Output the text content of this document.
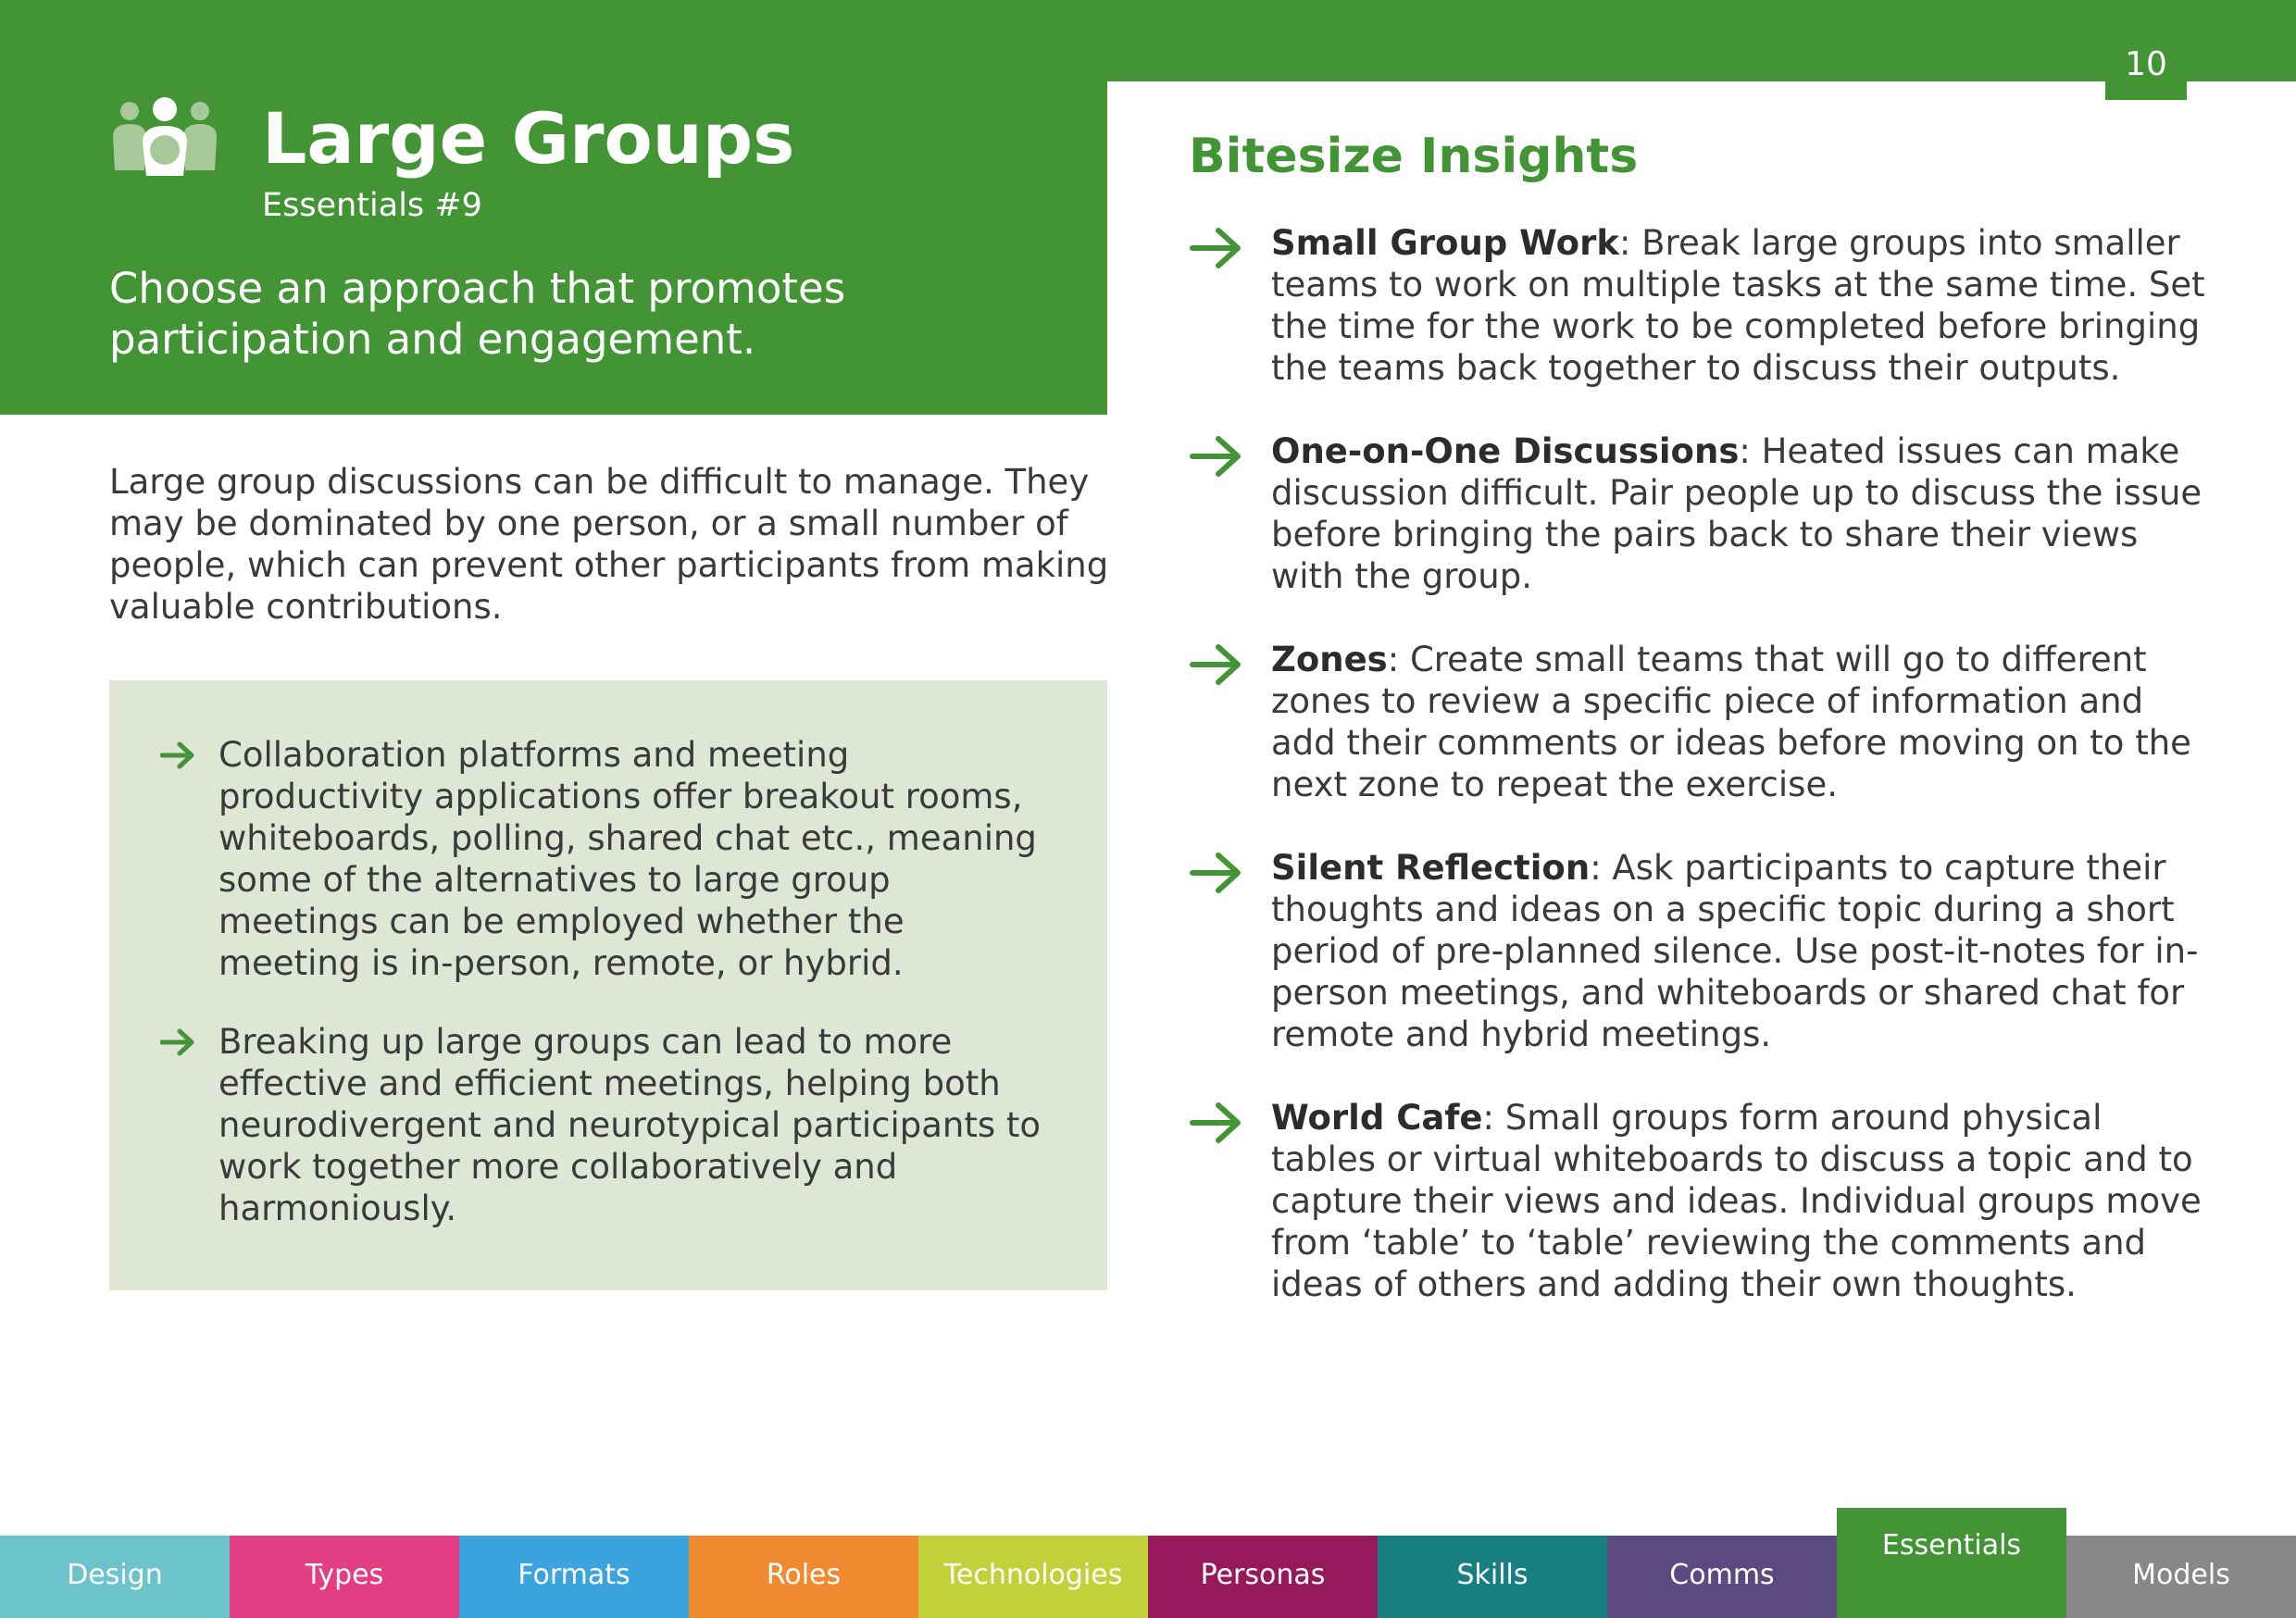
10
Large Groups
Essentials #9
Choose an approach that promotes participation and engagement.
Large group discussions can be difficult to manage. They may be dominated by one person, or a small number of people, which can prevent other participants from making valuable contributions.
Collaboration platforms and meeting productivity applications offer breakout rooms, whiteboards, polling, shared chat etc., meaning some of the alternatives to large group meetings can be employed whether the meeting is in-person, remote, or hybrid.
Breaking up large groups can lead to more effective and efficient meetings, helping both neurodivergent and neurotypical participants to work together more collaboratively and harmoniously.
Bitesize Insights
Small Group Work: Break large groups into smaller teams to work on multiple tasks at the same time. Set the time for the work to be completed before bringing the teams back together to discuss their outputs.
One-on-One Discussions: Heated issues can make discussion difficult. Pair people up to discuss the issue before bringing the pairs back to share their views with the group.
Zones: Create small teams that will go to different zones to review a specific piece of information and add their comments or ideas before moving on to the next zone to repeat the exercise.
Silent Reflection: Ask participants to capture their thoughts and ideas on a specific topic during a short period of pre-planned silence. Use post-it-notes for in-person meetings, and whiteboards or shared chat for remote and hybrid meetings.
World Cafe: Small groups form around physical tables or virtual whiteboards to discuss a topic and to capture their views and ideas. Individual groups move from ‘table’ to ‘table’ reviewing the comments and ideas of others and adding their own thoughts.
Design	Types	Formats	Roles	Technologies	Personas	Skills	Comms
Essentials
Models
